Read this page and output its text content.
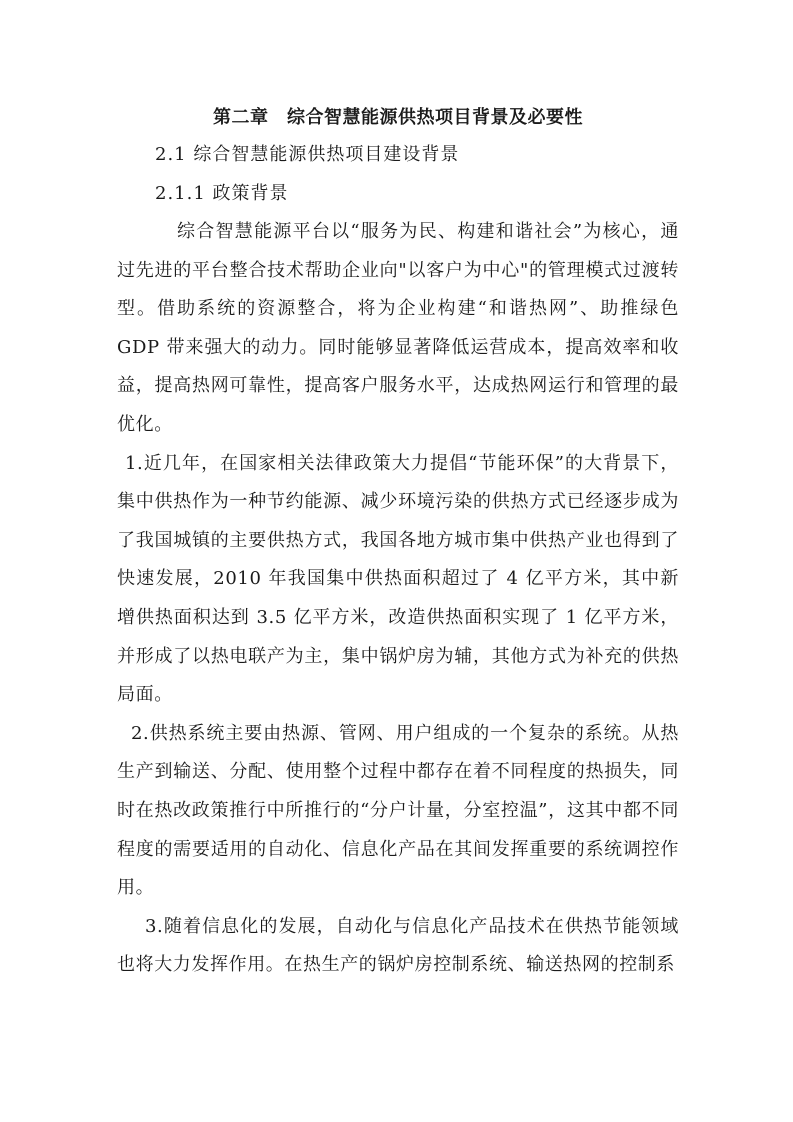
第二章　综合智慧能源供热项目背景及必要性
2.1 综合智慧能源供热项目建设背景
2.1.1 政策背景

综合智慧能源平台以“服务为民、构建和谐社会”为核心，通过先进的平台整合技术帮助企业向"以客户为中心"的管理模式过渡转型。借助系统的资源整合，将为企业构建“和谐热网”、助推绿色GDP 带来强大的动力。同时能够显著降低运营成本，提高效率和收益，提高热网可靠性，提高客户服务水平，达成热网运行和管理的最优化。

1.近几年，在国家相关法律政策大力提倡“节能环保”的大背景下，集中供热作为一种节约能源、减少环境污染的供热方式已经逐步成为了我国城镇的主要供热方式，我国各地方城市集中供热产业也得到了快速发展，2010 年我国集中供热面积超过了 4 亿平方米，其中新增供热面积达到 3.5 亿平方米，改造供热面积实现了 1 亿平方米，并形成了以热电联产为主，集中锅炉房为辅，其他方式为补充的供热局面。

2.供热系统主要由热源、管网、用户组成的一个复杂的系统。从热生产到输送、分配、使用整个过程中都存在着不同程度的热损失，同时在热改政策推行中所推行的“分户计量，分室控温”，这其中都不同程度的需要适用的自动化、信息化产品在其间发挥重要的系统调控作用。

3.随着信息化的发展，自动化与信息化产品技术在供热节能领域也将大力发挥作用。在热生产的锅炉房控制系统、输送热网的控制系
